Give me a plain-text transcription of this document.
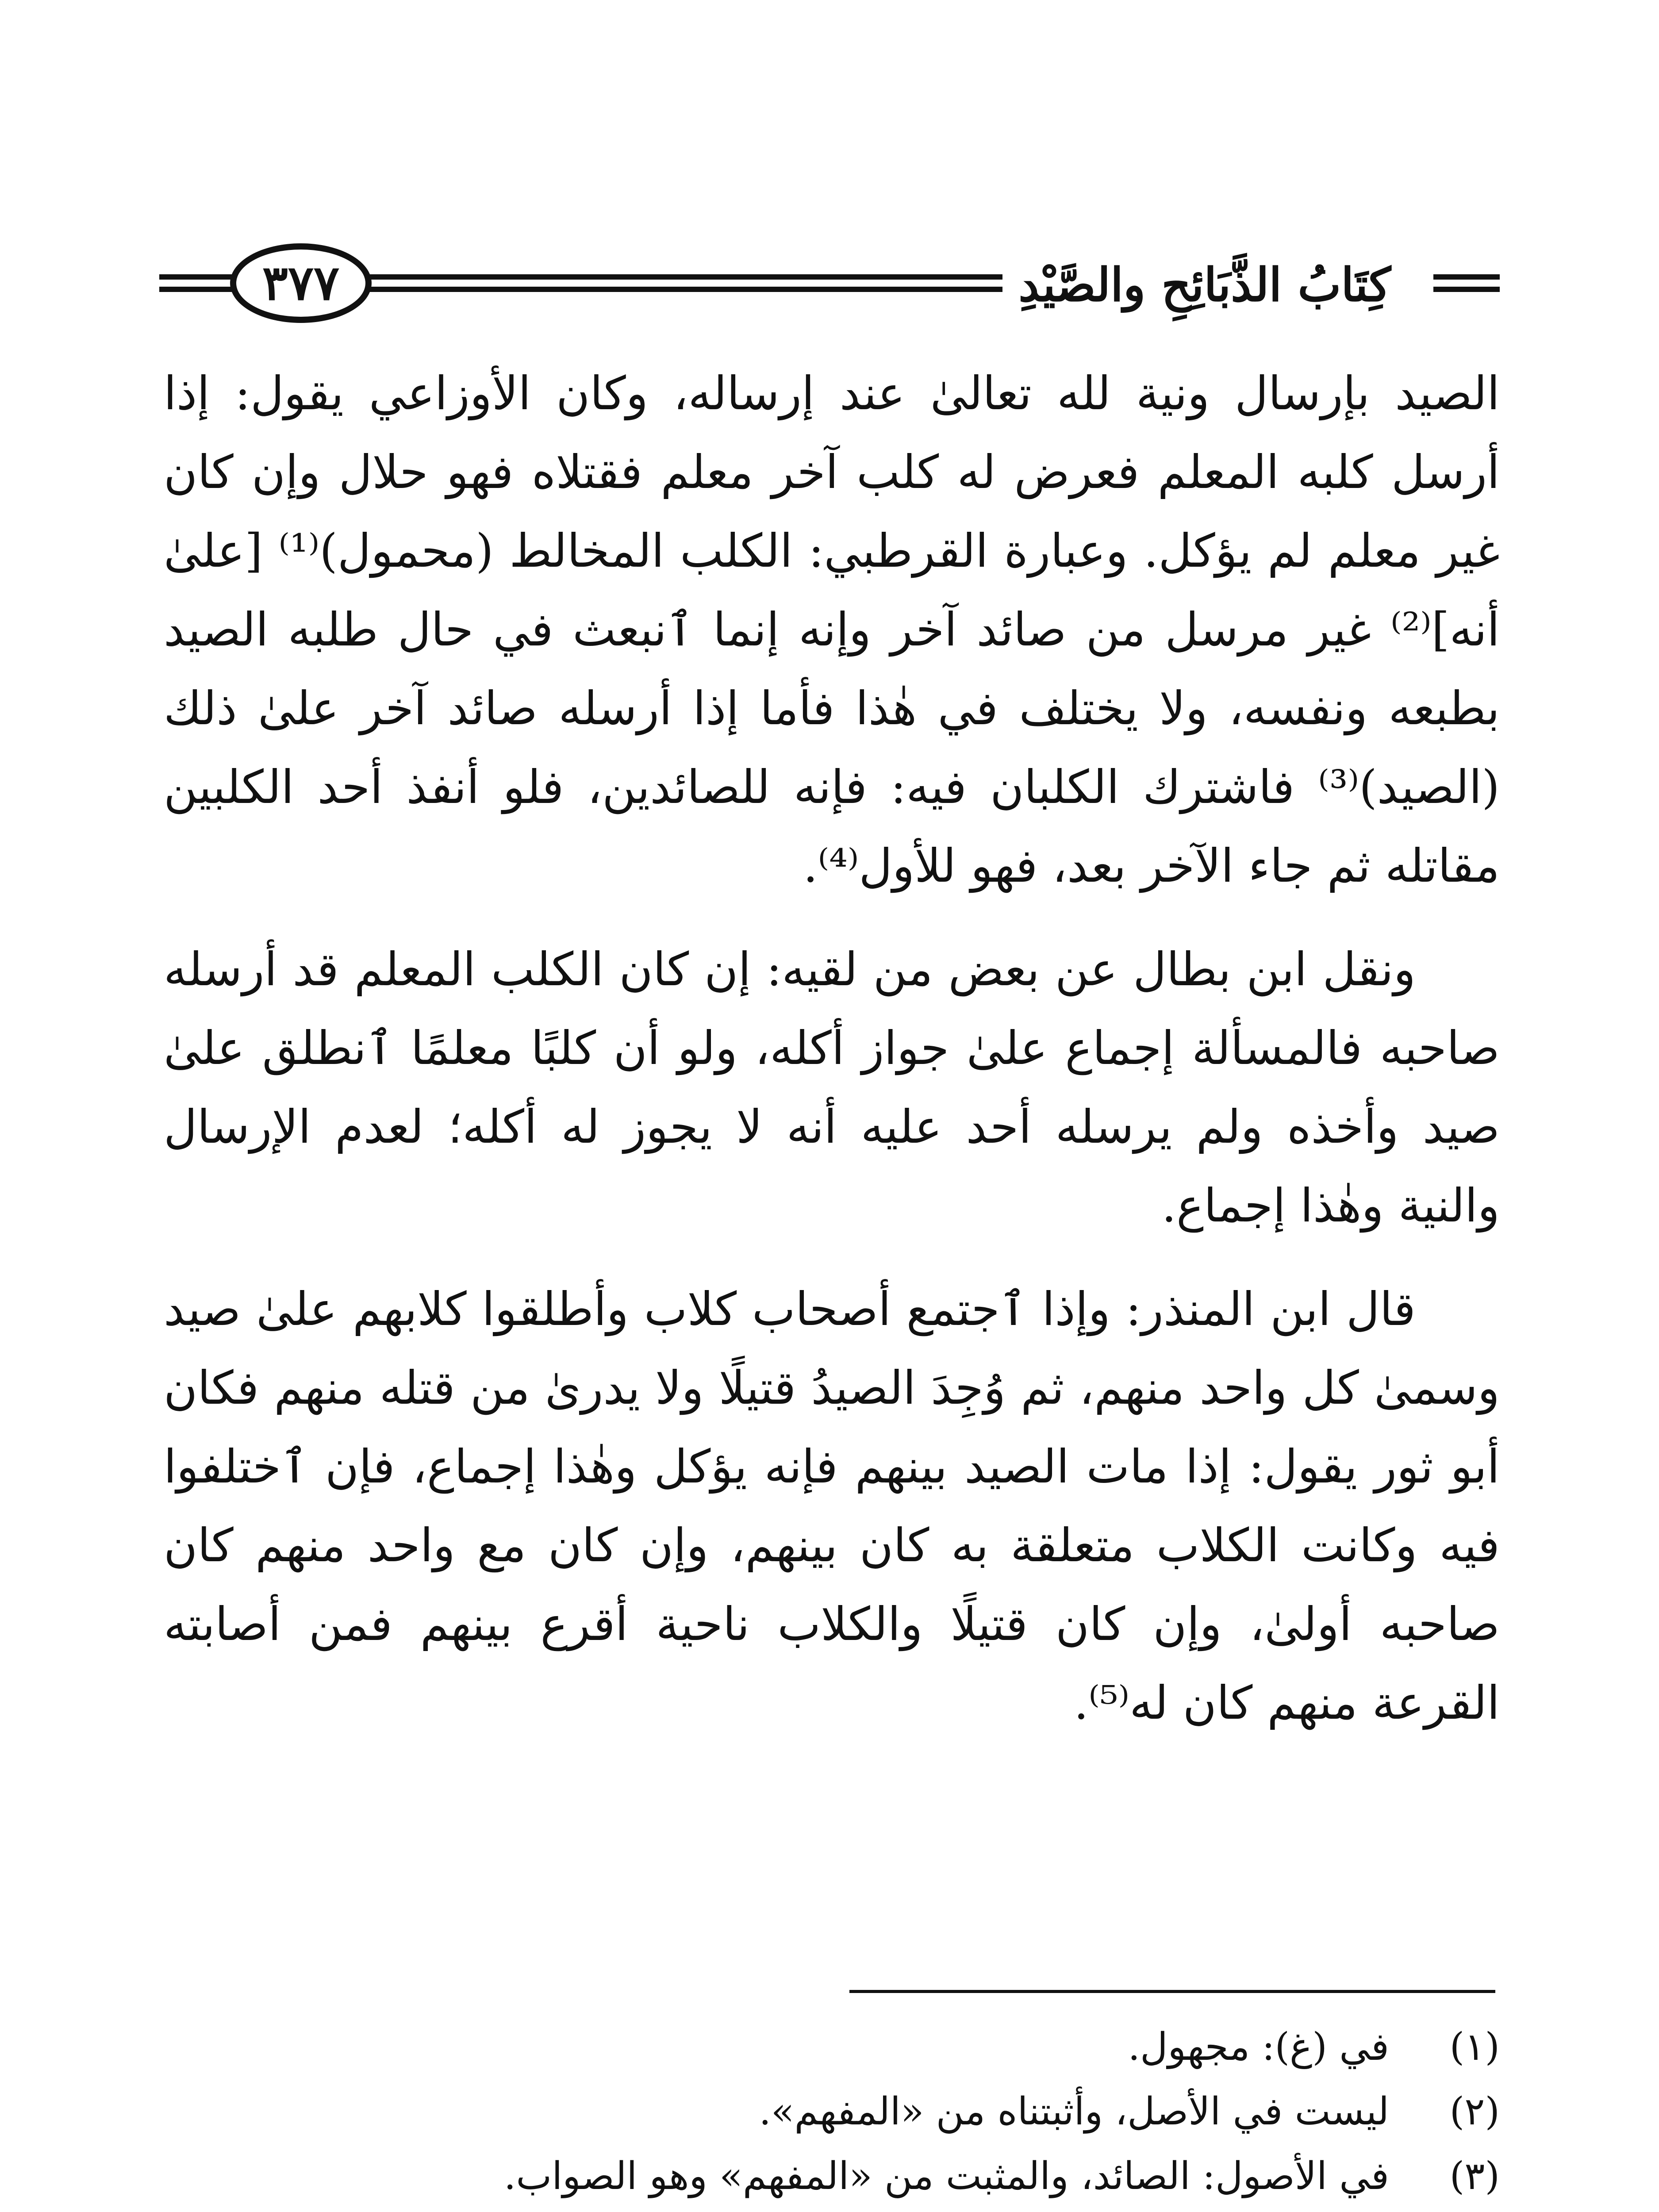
كِتَابُ الذَّبَائِحِ والصَّيْدِ
٣٧٧

الصيد بإرسال ونية لله تعالىٰ عند إرساله، وكان الأوزاعي يقول: إذا أرسل كلبه المعلم فعرض له كلب آخر معلم فقتلاه فهو حلال وإن كان غير معلم لم يؤكل. وعبارة القرطبي: الكلب المخالط (محمول)⁽¹⁾ [علىٰ أنه]⁽²⁾ غير مرسل من صائد آخر وإنه إنما ٱنبعث في حال طلبه الصيد بطبعه ونفسه، ولا يختلف في هٰذا فأما إذا أرسله صائد آخر علىٰ ذلك (الصيد)⁽³⁾ فاشترك الكلبان فيه: فإنه للصائدين، فلو أنفذ أحد الكلبين مقاتله ثم جاء الآخر بعد، فهو للأول⁽⁴⁾.

ونقل ابن بطال عن بعض من لقيه: إن كان الكلب المعلم قد أرسله صاحبه فالمسألة إجماع علىٰ جواز أكله، ولو أن كلبًا معلمًا ٱنطلق علىٰ صيد وأخذه ولم يرسله أحد عليه أنه لا يجوز له أكله؛ لعدم الإرسال والنية وهٰذا إجماع.

قال ابن المنذر: وإذا ٱجتمع أصحاب كلاب وأطلقوا كلابهم علىٰ صيد وسمىٰ كل واحد منهم، ثم وُجِدَ الصيدُ قتيلًا ولا يدرىٰ من قتله منهم فكان أبو ثور يقول: إذا مات الصيد بينهم فإنه يؤكل وهٰذا إجماع، فإن ٱختلفوا فيه وكانت الكلاب متعلقة به كان بينهم، وإن كان مع واحد منهم كان صاحبه أولىٰ، وإن كان قتيلًا والكلاب ناحية أقرع بينهم فمن أصابته القرعة منهم كان له⁽⁵⁾.

(١)
في (غ): مجهول.
(٢)
ليست في الأصل، وأثبتناه من «المفهم».
(٣)
في الأصول: الصائد، والمثبت من «المفهم» وهو الصواب.
